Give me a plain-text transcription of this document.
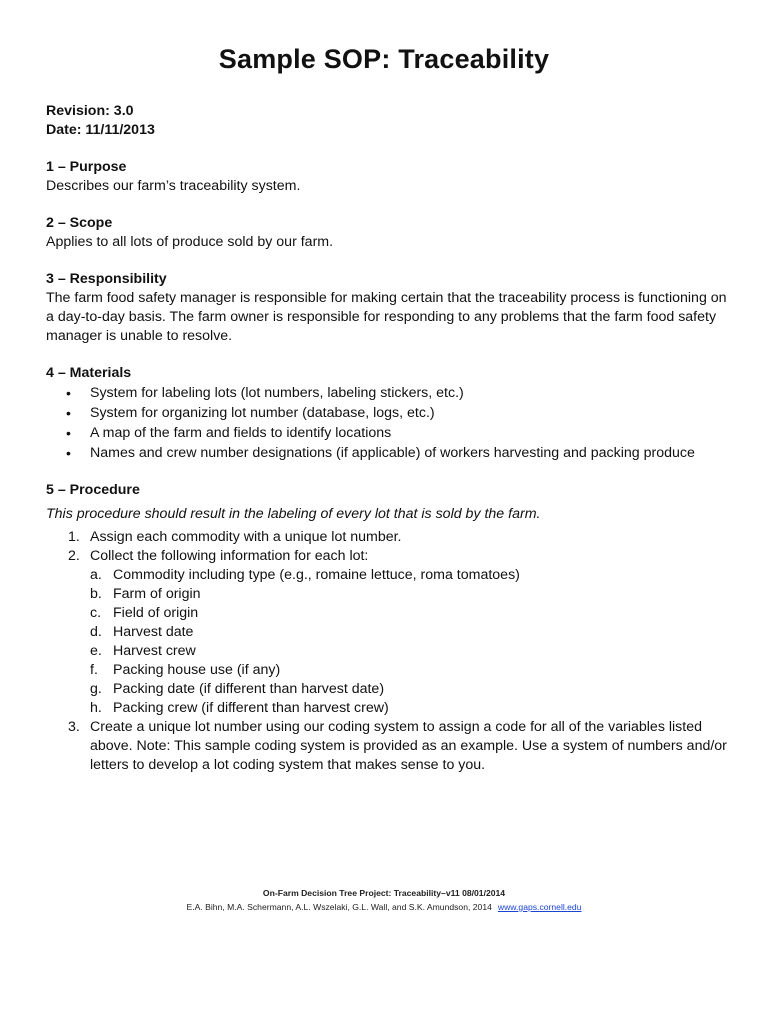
Sample SOP: Traceability
Revision: 3.0
Date: 11/11/2013
1 – Purpose

Describes our farm’s traceability system.

2 – Scope

Applies to all lots of produce sold by our farm.

3 – Responsibility

The farm food safety manager is responsible for making certain that the traceability process is functioning on a day-to-day basis. The farm owner is responsible for responding to any problems that the farm food safety manager is unable to resolve.

4 – Materials
• System for labeling lots (lot numbers, labeling stickers, etc.)
• System for organizing lot number (database, logs, etc.)
• A map of the farm and fields to identify locations
• Names and crew number designations (if applicable) of workers harvesting and packing produce
5 – Procedure
This procedure should result in the labeling of every lot that is sold by the farm.
1. Assign each commodity with a unique lot number.
2. Collect the following information for each lot:
a. Commodity including type (e.g., romaine lettuce, roma tomatoes)
b. Farm of origin
c. Field of origin
d. Harvest date
e. Harvest crew
f. Packing house use (if any)
g. Packing date (if different than harvest date)
h. Packing crew (if different than harvest crew)
3. Create a unique lot number using our coding system to assign a code for all of the variables listed above. Note: This sample coding system is provided as an example. Use a system of numbers and/or letters to develop a lot coding system that makes sense to you.
On-Farm Decision Tree Project: Traceability–v11 08/01/2014
E.A. Bihn, M.A. Schermann, A.L. Wszelaki, G.L. Wall, and S.K. Amundson, 2014 www.gaps.cornell.edu
